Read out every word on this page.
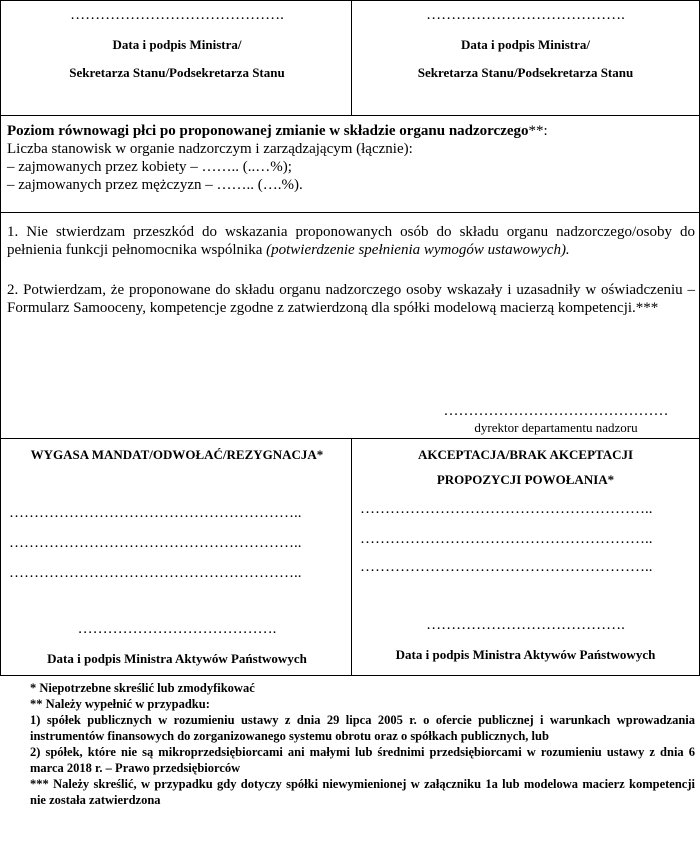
…………………………………….
Data i podpis Ministra/
Sekretarza Stanu/Podsekretarza Stanu
………………………………….
Data i podpis Ministra/
Sekretarza Stanu/Podsekretarza Stanu
Poziom równowagi płci po proponowanej zmianie w składzie organu nadzorczego**:
Liczba stanowisk w organie nadzorczym i zarządzającym (łącznie):
– zajmowanych przez kobiety – …….. (..…%);
– zajmowanych przez mężczyzn – …….. (….%).
1. Nie stwierdzam przeszkód do wskazania proponowanych osób do składu organu nadzorczego/osoby do pełnienia funkcji pełnomocnika wspólnika (potwierdzenie spełnienia wymogów ustawowych).
2. Potwierdzam, że proponowane do składu organu nadzorczego osoby wskazały i uzasadniły w oświadczeniu – Formularz Samooceny, kompetencje zgodne z zatwierdzoną dla spółki modelową macierzą kompetencji.***
………………………………………
dyrektor departamentu nadzoru
WYGASA MANDAT/ODWOŁAĆ/REZYGNACJA*
…………………………………………………..
…………………………………………………..
…………………………………………………..
………………………………….
Data i podpis Ministra Aktywów Państwowych
AKCEPTACJA/BRAK AKCEPTACJI
PROPOZYCJI POWOŁANIA*
…………………………………………………..
…………………………………………………..
…………………………………………………..
………………………………….
Data i podpis Ministra Aktywów Państwowych

* Niepotrzebne skreślić lub zmodyfikować

** Należy wypełnić w przypadku:

1) spółek publicznych w rozumieniu ustawy z dnia 29 lipca 2005 r. o ofercie publicznej i warunkach wprowadzania instrumentów finansowych do zorganizowanego systemu obrotu oraz o spółkach publicznych, lub

2) spółek, które nie są mikroprzedsiębiorcami ani małymi lub średnimi przedsiębiorcami w rozumieniu ustawy z dnia 6 marca 2018 r. – Prawo przedsiębiorców

*** Należy skreślić, w przypadku gdy dotyczy spółki niewymienionej w załączniku 1a lub modelowa macierz kompetencji nie została zatwierdzona
